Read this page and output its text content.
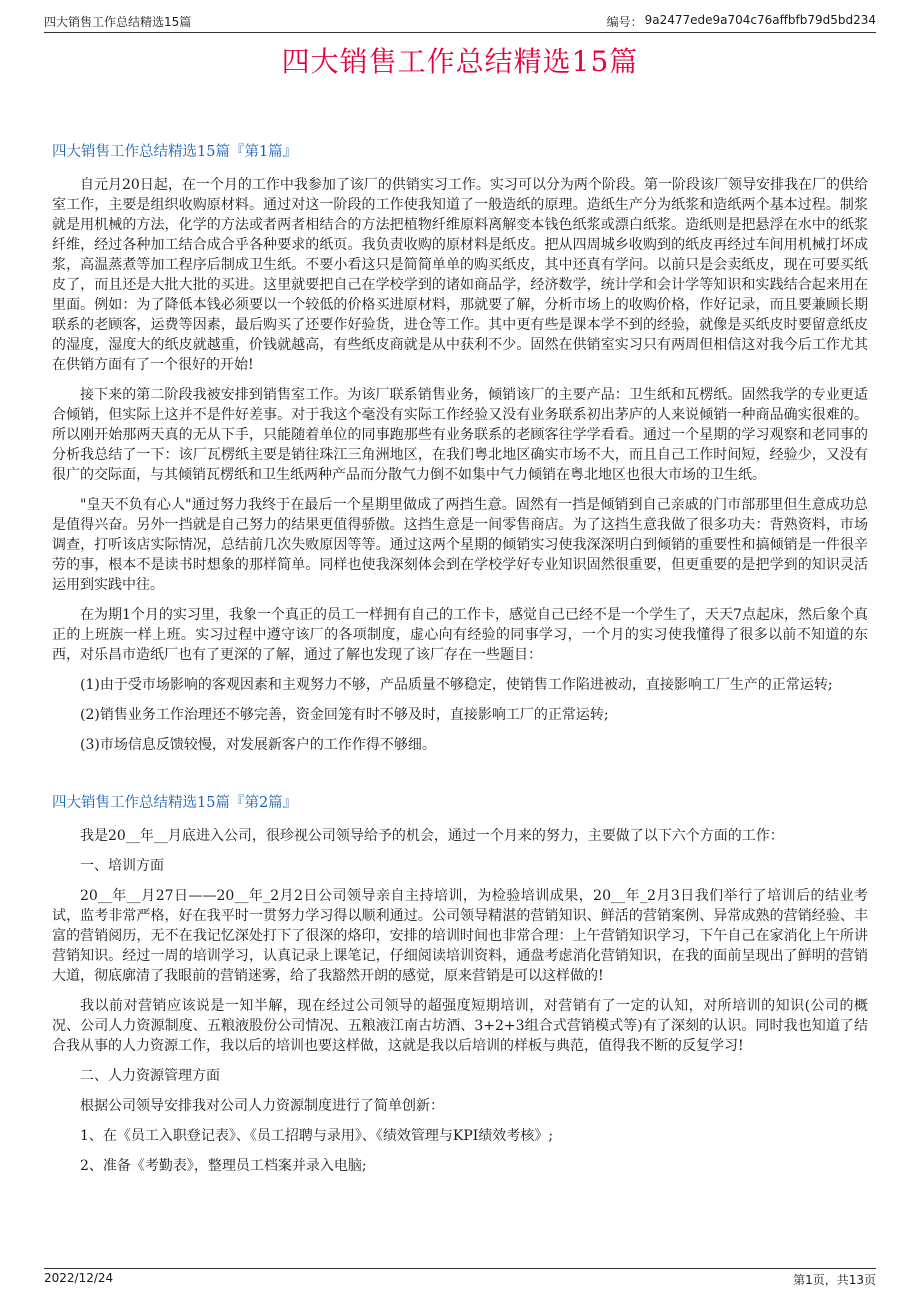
四大销售工作总结精选15篇	编号： 9a2477ede9a704c76affbfb79d5bd234
四大销售工作总结精选15篇
四大销售工作总结精选15篇『第1篇』

自元月20日起，在一个月的工作中我参加了该厂的供销实习工作。实习可以分为两个阶段。第一阶段该厂领导安排我在厂的供给室工作，主要是组织收购原材料。通过对这一阶段的工作使我知道了一般造纸的原理。造纸生产分为纸浆和造纸两个基本过程。制浆就是用机械的方法，化学的方法或者两者相结合的方法把植物纤维原料离解变本钱色纸浆或漂白纸浆。造纸则是把悬浮在水中的纸浆纤维，经过各种加工结合成合乎各种要求的纸页。我负责收购的原材料是纸皮。把从四周城乡收购到的纸皮再经过车间用机械打坏成浆，高温蒸煮等加工程序后制成卫生纸。不要小看这只是简简单单的购买纸皮，其中还真有学问。以前只是会卖纸皮，现在可要买纸皮了，而且还是大批大批的买进。这里就要把自己在学校学到的诸如商品学，经济数学，统计学和会计学等知识和实践结合起来用在里面。例如：为了降低本钱必须要以一个较低的价格买进原材料，那就要了解，分析市场上的收购价格，作好记录，而且要兼顾长期联系的老顾客，运费等因素，最后购买了还要作好验货，进仓等工作。其中更有些是课本学不到的经验，就像是买纸皮时要留意纸皮的湿度，湿度大的纸皮就越重，价钱就越高，有些纸皮商就是从中获利不少。固然在供销室实习只有两周但相信这对我今后工作尤其在供销方面有了一个很好的开始!

接下来的第二阶段我被安排到销售室工作。为该厂联系销售业务，倾销该厂的主要产品：卫生纸和瓦楞纸。固然我学的专业更适合倾销，但实际上这并不是件好差事。对于我这个毫没有实际工作经验又没有业务联系初出茅庐的人来说倾销一种商品确实很难的。所以刚开始那两天真的无从下手，只能随着单位的同事跑那些有业务联系的老顾客往学学看看。通过一个星期的学习观察和老同事的分析我总结了一下：该厂瓦楞纸主要是销往珠江三角洲地区，在我们粤北地区确实市场不大，而且自己工作时间短，经验少，又没有很广的交际面，与其倾销瓦楞纸和卫生纸两种产品而分散气力倒不如集中气力倾销在粤北地区也很大市场的卫生纸。

"皇天不负有心人"通过努力我终于在最后一个星期里做成了两挡生意。固然有一挡是倾销到自己亲戚的门市部那里但生意成功总是值得兴奋。另外一挡就是自己努力的结果更值得骄傲。这挡生意是一间零售商店。为了这挡生意我做了很多功夫：背熟资料，市场调查，打听该店实际情况，总结前几次失败原因等等。通过这两个星期的倾销实习使我深深明白到倾销的重要性和搞倾销是一件很辛劳的事，根本不是读书时想象的那样简单。同样也使我深刻体会到在学校学好专业知识固然很重要，但更重要的是把学到的知识灵活运用到实践中往。

在为期1个月的实习里，我象一个真正的员工一样拥有自己的工作卡，感觉自己已经不是一个学生了，天天7点起床，然后象个真正的上班族一样上班。实习过程中遵守该厂的各项制度，虚心向有经验的同事学习，一个月的实习使我懂得了很多以前不知道的东西，对乐昌市造纸厂也有了更深的了解，通过了解也发现了该厂存在一些题目：

(1)由于受市场影响的客观因素和主观努力不够，产品质量不够稳定，使销售工作陷进被动，直接影响工厂生产的正常运转;

(2)销售业务工作治理还不够完善，资金回笼有时不够及时，直接影响工厂的正常运转;

(3)市场信息反馈较慢，对发展新客户的工作作得不够细。

四大销售工作总结精选15篇『第2篇』

我是20__年__月底进入公司，很珍视公司领导给予的机会，通过一个月来的努力，主要做了以下六个方面的工作：

一、培训方面

20__年__月27日——20__年_2月2日公司领导亲自主持培训，为检验培训成果，20__年_2月3日我们举行了培训后的结业考试，监考非常严格，好在我平时一贯努力学习得以顺利通过。公司领导精湛的营销知识、鲜活的营销案例、异常成熟的营销经验、丰富的营销阅历，无不在我记忆深处打下了很深的烙印，安排的培训时间也非常合理：上午营销知识学习，下午自己在家消化上午所讲营销知识。经过一周的培训学习，认真记录上课笔记，仔细阅读培训资料，通盘考虑消化营销知识，在我的面前呈现出了鲜明的营销大道，彻底廓清了我眼前的营销迷雾，给了我豁然开朗的感觉，原来营销是可以这样做的!

我以前对营销应该说是一知半解，现在经过公司领导的超强度短期培训，对营销有了一定的认知，对所培训的知识(公司的概况、公司人力资源制度、五粮液股份公司情况、五粮液江南古坊酒、3+2+3组合式营销模式等)有了深刻的认识。同时我也知道了结合我从事的人力资源工作，我以后的培训也要这样做，这就是我以后培训的样板与典范，值得我不断的反复学习!

二、人力资源管理方面

根据公司领导安排我对公司人力资源制度进行了简单创新：

1、在《员工入职登记表》、《员工招聘与录用》、《绩效管理与KPI绩效考核》;

2、准备《考勤表》，整理员工档案并录入电脑;

2022/12/24	第1页，共13页
